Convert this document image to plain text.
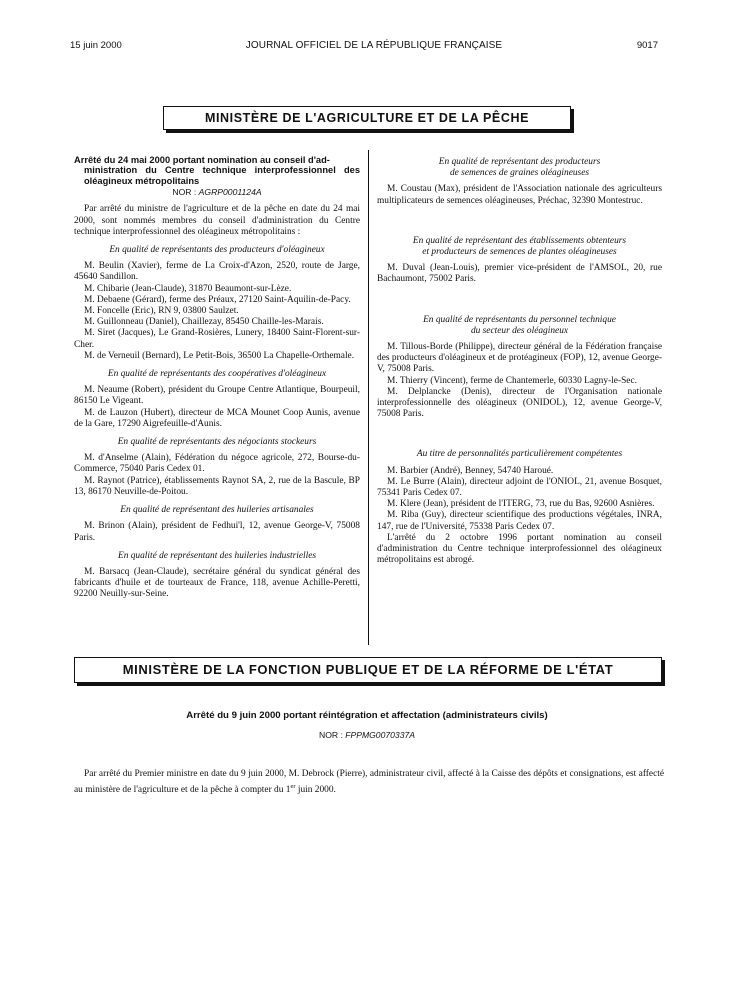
15 juin 2000	JOURNAL OFFICIEL DE LA RÉPUBLIQUE FRANÇAISE	9017
MINISTÈRE DE L'AGRICULTURE ET DE LA PÊCHE
Arrêté du 24 mai 2000 portant nomination au conseil d'ad-
ministration du Centre technique interprofessionnel des oléagineux métropolitains
NOR : AGRP0001124A

Par arrêté du ministre de l'agriculture et de la pêche en date du 24 mai 2000, sont nommés membres du conseil d'administration du Centre technique interprofessionnel des oléagineux métropolitains :

En qualité de représentants des producteurs d'oléagineux

M. Beulin (Xavier), ferme de La Croix-d'Azon, 2520, route de Jarge, 45640 Sandillon.

M. Chibarie (Jean-Claude), 31870 Beaumont-sur-Lèze.

M. Debaene (Gérard), ferme des Préaux, 27120 Saint-Aquilin-de-Pacy.

M. Foncelle (Eric), RN 9, 03800 Saulzet.

M. Guillonneau (Daniel), Chaillezay, 85450 Chaille-les-Marais.

M. Siret (Jacques), Le Grand-Rosières, Lunery, 18400 Saint-Florent-sur-Cher.

M. de Verneuil (Bernard), Le Petit-Bois, 36500 La Chapelle-Orthemale.

En qualité de représentants des coopératives d'oléagineux

M. Neaume (Robert), président du Groupe Centre Atlantique, Bourpeuil, 86150 Le Vigeant.

M. de Lauzon (Hubert), directeur de MCA Mounet Coop Aunis, avenue de la Gare, 17290 Aigrefeuille-d'Aunis.

En qualité de représentants des négociants stockeurs

M. d'Anselme (Alain), Fédération du négoce agricole, 272, Bourse-du-Commerce, 75040 Paris Cedex 01.

M. Raynot (Patrice), établissements Raynot SA, 2, rue de la Bascule, BP 13, 86170 Neuville-de-Poitou.

En qualité de représentant des huileries artisanales

M. Brinon (Alain), président de Fedhui'l, 12, avenue George-V, 75008 Paris.

En qualité de représentant des huileries industrielles

M. Barsacq (Jean-Claude), secrétaire général du syndicat général des fabricants d'huile et de tourteaux de France, 118, avenue Achille-Peretti, 92200 Neuilly-sur-Seine.

En qualité de représentant des producteurs
de semences de graines oléagineuses

M. Coustau (Max), président de l'Association nationale des agriculteurs multiplicateurs de semences oléagineuses, Préchac, 32390 Montestruc.

En qualité de représentant des établissements obtenteurs
et producteurs de semences de plantes oléagineuses

M. Duval (Jean-Louis), premier vice-président de l'AMSOL, 20, rue Bachaumont, 75002 Paris.

En qualité de représentants du personnel technique
du secteur des oléagineux

M. Tillous-Borde (Philippe), directeur général de la Fédération française des producteurs d'oléagineux et de protéagineux (FOP), 12, avenue George-V, 75008 Paris.

M. Thierry (Vincent), ferme de Chantemerle, 60330 Lagny-le-Sec.

M. Delplancke (Denis), directeur de l'Organisation nationale interprofessionnelle des oléagineux (ONIDOL), 12, avenue George-V, 75008 Paris.

Au titre de personnalités particulièrement compétentes

M. Barbier (André), Benney, 54740 Haroué.

M. Le Burre (Alain), directeur adjoint de l'ONIOL, 21, avenue Bosquet, 75341 Paris Cedex 07.

M. Klere (Jean), président de l'ITERG, 73, rue du Bas, 92600 Asnières.

M. Riba (Guy), directeur scientifique des productions végétales, INRA, 147, rue de l'Université, 75338 Paris Cedex 07.

L'arrêté du 2 octobre 1996 portant nomination au conseil d'administration du Centre technique interprofessionnel des oléagineux métropolitains est abrogé.

MINISTÈRE DE LA FONCTION PUBLIQUE ET DE LA RÉFORME DE L'ÉTAT
Arrêté du 9 juin 2000 portant réintégration et affectation (administrateurs civils)
NOR : FPPMG0070337A

Par arrêté du Premier ministre en date du 9 juin 2000, M. Debrock (Pierre), administrateur civil, affecté à la Caisse des dépôts et consignations, est affecté au ministère de l'agriculture et de la pêche à compter du 1er juin 2000.
